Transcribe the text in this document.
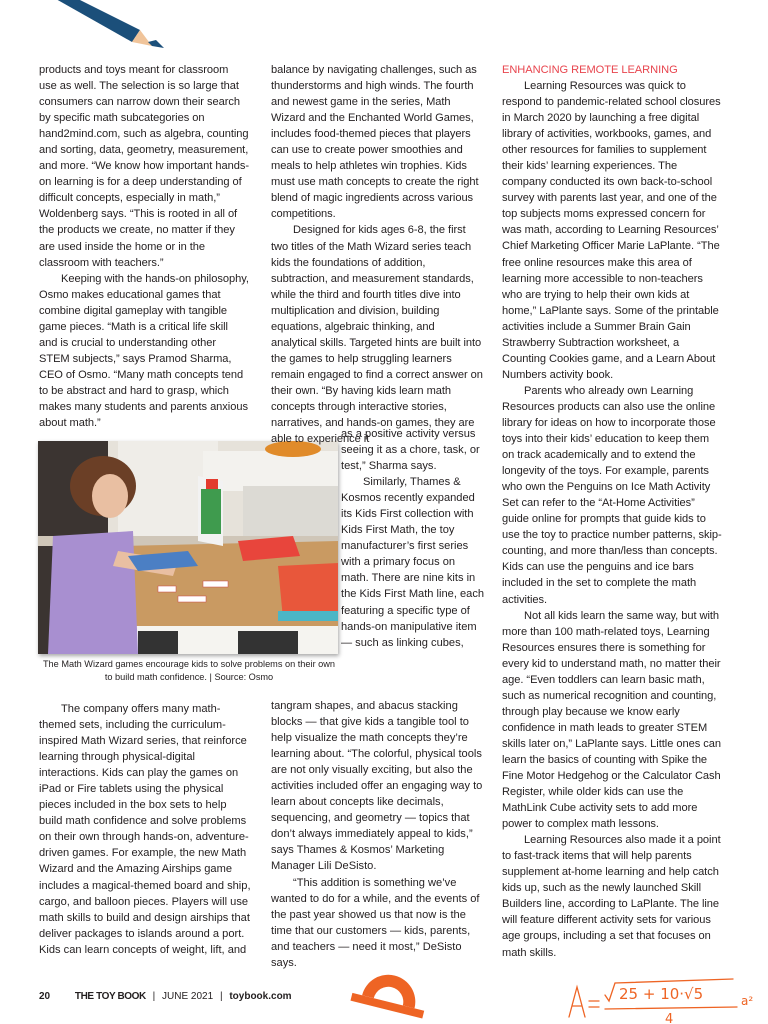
products and toys meant for classroom use as well. The selection is so large that consumers can narrow down their search by specific math subcategories on hand2mind.com, such as algebra, counting and sorting, data, geometry, measurement, and more. “We know how important hands-on learning is for a deep understanding of difficult concepts, especially in math,” Woldenberg says. “This is rooted in all of the products we create, no matter if they are used inside the home or in the classroom with teachers.”

Keeping with the hands-on philosophy, Osmo makes educational games that combine digital gameplay with tangible game pieces. “Math is a critical life skill and is crucial to understanding other STEM subjects,” says Pramod Sharma, CEO of Osmo. “Many math concepts tend to be abstract and hard to grasp, which makes many students and parents anxious about math.”

The Math Wizard games encourage kids to solve problems on their own to build math confidence. | Source: Osmo

The company offers many math-themed sets, including the curriculum-inspired Math Wizard series, that reinforce learning through physical-digital interactions. Kids can play the games on iPad or Fire tablets using the physical pieces included in the box sets to help build math confidence and solve problems on their own through hands-on, adventure-driven games. For example, the new Math Wizard and the Amazing Airships game includes a magical-themed board and ship, cargo, and balloon pieces. Players will use math skills to build and design airships that deliver packages to islands around a port. Kids can learn concepts of weight, lift, and

balance by navigating challenges, such as thunderstorms and high winds. The fourth and newest game in the series, Math Wizard and the Enchanted World Games, includes food-themed pieces that players can use to create power smoothies and meals to help athletes win trophies. Kids must use math concepts to create the right blend of magic ingredients across various competitions.

Designed for kids ages 6-8, the first two titles of the Math Wizard series teach kids the foundations of addition, subtraction, and measurement standards, while the third and fourth titles dive into multiplication and division, building equations, algebraic thinking, and analytical skills. Targeted hints are built into the games to help struggling learners remain engaged to find a correct answer on their own. “By having kids learn math concepts through interactive stories, narratives, and hands-on games, they are able to experience it

as a positive activity versus seeing it as a chore, task, or test,” Sharma says.

Similarly, Thames & Kosmos recently expanded its Kids First collection with Kids First Math, the toy manufacturer’s first series with a primary focus on math. There are nine kits in the Kids First Math line, each featuring a specific type of hands-on manipulative item — such as linking cubes,

tangram shapes, and abacus stacking blocks — that give kids a tangible tool to help visualize the math concepts they’re learning about. “The colorful, physical tools are not only visually exciting, but also the activities included offer an engaging way to learn about concepts like decimals, sequencing, and geometry — topics that don’t always immediately appeal to kids,” says Thames & Kosmos’ Marketing Manager Lili DeSisto.

“This addition is something we’ve wanted to do for a while, and the events of the past year showed us that now is the time that our customers — kids, parents, and teachers — need it most,” DeSisto says.

ENHANCING REMOTE LEARNING

Learning Resources was quick to respond to pandemic-related school closures in March 2020 by launching a free digital library of activities, workbooks, games, and other resources for families to supplement their kids’ learning experiences. The company conducted its own back-to-school survey with parents last year, and one of the top subjects moms expressed concern for was math, according to Learning Resources’ Chief Marketing Officer Marie LaPlante. “The free online resources make this area of learning more accessible to non-teachers who are trying to help their own kids at home,” LaPlante says. Some of the printable activities include a Summer Brain Gain Strawberry Subtraction worksheet, a Counting Cookies game, and a Learn About Numbers activity book.

Parents who already own Learning Resources products can also use the online library for ideas on how to incorporate those toys into their kids’ education to keep them on track academically and to extend the longevity of the toys. For example, parents who own the Penguins on Ice Math Activity Set can refer to the “At-Home Activities” guide online for prompts that guide kids to use the toy to practice number patterns, skip-counting, and more than/less than concepts. Kids can use the penguins and ice bars included in the set to complete the math activities.

Not all kids learn the same way, but with more than 100 math-related toys, Learning Resources ensures there is something for every kid to understand math, no matter their age. “Even toddlers can learn basic math, such as numerical recognition and counting, through play because we know early confidence in math leads to greater STEM skills later on,” LaPlante says. Little ones can learn the basics of counting with Spike the Fine Motor Hedgehog or the Calculator Cash Register, while older kids can use the MathLink Cube activity sets to add more power to complex math lessons.

Learning Resources also made it a point to fast-track items that will help parents supplement at-home learning and help catch kids up, such as the newly launched Skill Builders line, according to LaPlante. The line will feature different activity sets for various age groups, including a set that focuses on math skills.

20 THE TOY BOOK | JUNE 2021 | toybook.com	25 + 10·√5
4
a²
